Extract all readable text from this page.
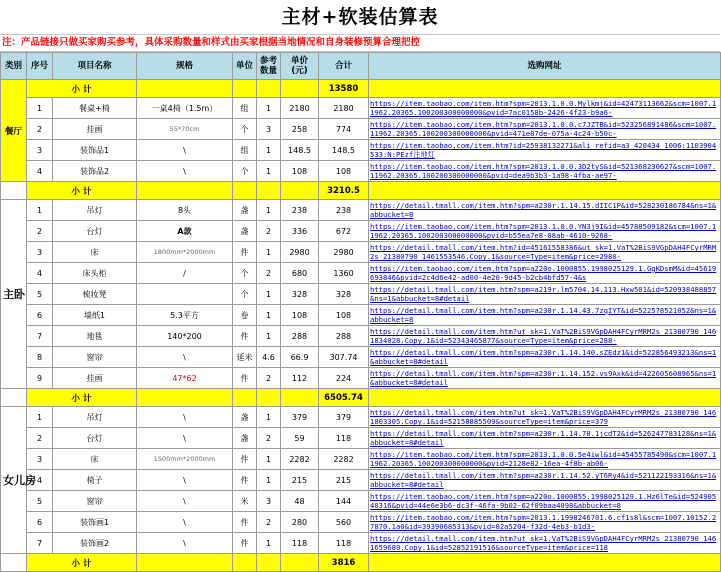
主材+软装估算表
注：产品链接只做买家购买参考，具体采购数量和样式由买家根据当地情况和自身装修预算合理把控
类别	序号	项目名称	规格	单位	参考数量	单价(元)	合计	选购网址
餐厅	小 计						13580	
	1	餐桌+椅	一桌4椅（1.5m）	组	1	2180	2180	https://item.taobao.com/item.htm?spm=2013.1.0.0.Mylkmj&id=42473113662&scm=1007.11962.20365.100200300000000&pvid=7ac0158b-2426-4f23-b9a6-
	2	挂画	55*70cm	个	3	258	774	https://item.taobao.com/item.htm?spm=2013.1.0.0.c7JZTB&id=523256891486&scm=1007.11962.20365.100200300000000&pvid=471e87de-075a-4c24-b50c-
	3	装饰品1	\	组	1	148.5	148.5	https://item.taobao.com/item.htm?id=25938132271&ali_refid=a3_420434_1006:1103904533:N:PEzf注地灯
	4	装饰品2	\	个	1	108	108	https://item.taobao.com/item.htm?spm=2013.1.0.0.3D2tyS&id=521368230627&scm=1007.11962.20365.100200300000000&pvid=dea9b3b3-1a98-4fba-ae97-
	小 计						3210.5	
主卧	1	吊灯	8头	盏	1	238	238	https://detail.tmall.com/item.htm?spm=a230r.1.14.15.dIIC1P&id=528230186784&ns=1&abbucket=8
	2	台灯	A款	盏	2	336	672	https://item.taobao.com/item.htm?spm=2013.1.0.0.YN3j9I&id=45788509182&scm=1007.11962.20365.100200300000000&pvid=b55ea7e8-08ab-4610-9268-
	3	床	1800mm*2000mm	件	1	2980	2980	https://detail.tmall.com/item.htm?id=45161558386&ut_sk=1.VaT%2BiS9VGpDAH4FCyrMRM2s_21380790_1461553546.Copy.1&source=Type=item&price=2980-
	4	床头柜	/	个	2	680	1360	https://item.taobao.com/item.htm?spm=a220o.1000855.1998025129.1.GgKDsmM&id=45619693846&pvid=2c4d6e42-ad00-4e20-9d45-b2cb4bfd57-4&s
	5	梳妆凳		个	1	328	328	https://detail.tmall.com/item.htm?spm=a219r.lm5704.14.113.Hxw501&id=520938488857&ns=1&abbucket=8#detail
	6	墙纸1	5.3平方	卷	1	108	108	https://detail.tmall.com/item.htm?spm=a230r.1.14.43.7zqIYT&id=522578521052&ns=1&abbucket=8
	7	地毯	140*200	件	1	288	288	https://detail.tmall.com/item.htm?ut_sk=1.VaT%2BiS9VGpDAH4FCyrMRM2s_21380790_1461834028.Copy.1&id=52343465877&source=Type=item&price=288-
	8	窗帘	\	延米	4.6	66.9	307.74	https://detail.tmall.com/item.htm?spm=a230r.1.14.140.sZEdz1&id=522856493213&ns=1&abbucket=8#detail
	9	挂画	47*62	件	2	112	224	https://detail.tmall.com/item.htm?spm=a230r.1.14.152.vs9Axk&id=422605608965&ns=1&abbucket=8#detail
	小 计						6505.74	
女儿房	1	吊灯	\	盏	1	379	379	https://detail.tmall.com/item.htm?ut_sk=1.VaT%2BiS9VGpDAH4FCyrMRM2s_21380790_1461803305.Copy.1&id=52158885509&sourceType=item&price=379
	2	台灯	\	盏	2	59	118	https://detail.tmall.com/item.htm?spm=a230r.1.14.78.1jcdT2&id=526247783128&ns=1&abbucket=8#detail
	3	床	1500mm*2000mm	件	1	2282	2282	https://item.taobao.com/item.htm?spm=2013.1.0.0.5e4iwl&id=45455785490&scm=1007.11962.20365.100200300000000&pvid=2128e82-16ea-4f8b-ab06-
	4	椅子	\	件	1	215	215	https://detail.tmall.com/item.htm?spm=a230r.1.14.52.yT6Ry4&id=521122193316&ns=1&abbucket=8#detail
	5	窗帘	\	米	3	48	144	https://item.taobao.com/item.htm?spm=a220o.1000855.1998025129.1.Hz6lTe&id=52490540316&pvid=44e6e3b6-dc3f-46fa-9b02-62f09baa4098&abbucket=8
	6	装饰画1	\	件	2	280	560	https://item.taobao.com/item.htm?spm=2013.1.1998246701.6.cf1s8l&scm=1007.10152.27870.1a0&id=39390685313&pvid=02a5204-f32d-4eb3-b1d3-
	7	装饰画2	\	件	1	118	118	https://detail.tmall.com/item.htm?ut_sk=1.VaT%2BiS9VGpDAH4FCyrMRM2s_21380790_1461659680.Copy.1&id=52852191516&sourceType=item&price=118
	小 计						3816	
